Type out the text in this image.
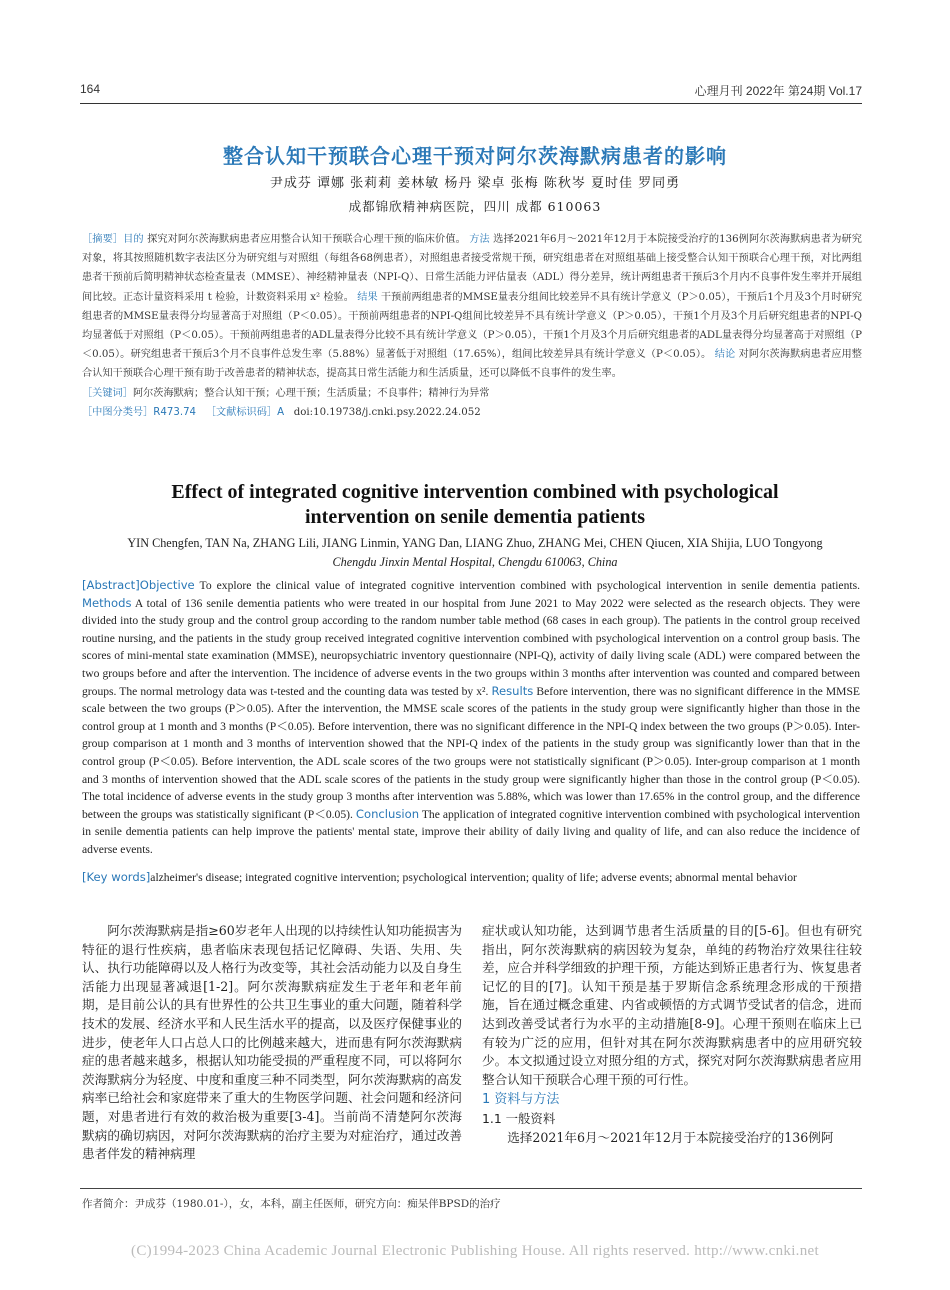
164	心理月刊 2022年 第24期 Vol.17
整合认知干预联合心理干预对阿尔茨海默病患者的影响
尹成芬 谭娜 张莉莉 姜林敏 杨丹 梁卓 张梅 陈秋岑 夏时佳 罗同勇
成都锦欣精神病医院，四川 成都 610063
［摘要］目的 探究对阿尔茨海默病患者应用整合认知干预联合心理干预的临床价值。 方法 选择2021年6月～2021年12月于本院接受治疗的136例阿尔茨海默病患者为研究对象，将其按照随机数字表法区分为研究组与对照组（每组各68例患者），对照组患者接受常规干预，研究组患者在对照组基础上接受整合认知干预联合心理干预，对比两组患者干预前后简明精神状态检查量表（MMSE）、神经精神量表（NPI-Q）、日常生活能力评估量表（ADL）得分差异，统计两组患者干预后3个月内不良事件发生率并开展组间比较。正态计量资料采用 t 检验，计数资料采用 x² 检验。 结果 干预前两组患者的MMSE量表分组间比较差异不具有统计学意义（P＞0.05），干预后1个月及3个月时研究组患者的MMSE量表得分均显著高于对照组（P＜0.05）。干预前两组患者的NPI-Q组间比较差异不具有统计学意义（P＞0.05），干预1个月及3个月后研究组患者的NPI-Q均显著低于对照组（P＜0.05）。干预前两组患者的ADL量表得分比较不具有统计学意义（P＞0.05），干预1个月及3个月后研究组患者的ADL量表得分均显著高于对照组（P＜0.05）。研究组患者干预后3个月不良事件总发生率（5.88%）显著低于对照组（17.65%），组间比较差异具有统计学意义（P＜0.05）。 结论 对阿尔茨海默病患者应用整合认知干预联合心理干预有助于改善患者的精神状态，提高其日常生活能力和生活质量，还可以降低不良事件的发生率。
［关键词］阿尔茨海默病；整合认知干预；心理干预；生活质量；不良事件；精神行为异常
［中图分类号］R473.74 ［文献标识码］A doi:10.19738/j.cnki.psy.2022.24.052
Effect of integrated cognitive intervention combined with psychological
intervention on senile dementia patients
YIN Chengfen, TAN Na, ZHANG Lili, JIANG Linmin, YANG Dan, LIANG Zhuo, ZHANG Mei, CHEN Qiucen, XIA Shijia, LUO Tongyong
Chengdu Jinxin Mental Hospital, Chengdu 610063, China
[Abstract]Objective To explore the clinical value of integrated cognitive intervention combined with psychological intervention in senile dementia patients. Methods A total of 136 senile dementia patients who were treated in our hospital from June 2021 to May 2022 were selected as the research objects. They were divided into the study group and the control group according to the random number table method (68 cases in each group). The patients in the control group received routine nursing, and the patients in the study group received integrated cognitive intervention combined with psychological intervention on a control group basis. The scores of mini-mental state examination (MMSE), neuropsychiatric inventory questionnaire (NPI-Q), activity of daily living scale (ADL) were compared between the two groups before and after the intervention. The incidence of adverse events in the two groups within 3 months after intervention was counted and compared between groups. The normal metrology data was t-tested and the counting data was tested by x². Results Before intervention, there was no significant difference in the MMSE scale between the two groups (P＞0.05). After the intervention, the MMSE scale scores of the patients in the study group were significantly higher than those in the control group at 1 month and 3 months (P＜0.05). Before intervention, there was no significant difference in the NPI-Q index between the two groups (P＞0.05). Inter-group comparison at 1 month and 3 months of intervention showed that the NPI-Q index of the patients in the study group was significantly lower than that in the control group (P＜0.05). Before intervention, the ADL scale scores of the two groups were not statistically significant (P＞0.05). Inter-group comparison at 1 month and 3 months of intervention showed that the ADL scale scores of the patients in the study group were significantly higher than those in the control group (P＜0.05). The total incidence of adverse events in the study group 3 months after intervention was 5.88%, which was lower than 17.65% in the control group, and the difference between the groups was statistically significant (P＜0.05). Conclusion The application of integrated cognitive intervention combined with psychological intervention in senile dementia patients can help improve the patients' mental state, improve their ability of daily living and quality of life, and can also reduce the incidence of adverse events.
[Key words]alzheimer's disease; integrated cognitive intervention; psychological intervention; quality of life; adverse events; abnormal mental behavior

阿尔茨海默病是指≥60岁老年人出现的以持续性认知功能损害为特征的退行性疾病，患者临床表现包括记忆障碍、失语、失用、失认、执行功能障碍以及人格行为改变等，其社会活动能力以及自身生活能力出现显著减退[1-2]。阿尔茨海默病症发生于老年和老年前期，是目前公认的具有世界性的公共卫生事业的重大问题，随着科学技术的发展、经济水平和人民生活水平的提高，以及医疗保健事业的进步，使老年人口占总人口的比例越来越大，进而患有阿尔茨海默病症的患者越来越多，根据认知功能受损的严重程度不同，可以将阿尔茨海默病分为轻度、中度和重度三种不同类型，阿尔茨海默病的高发病率已给社会和家庭带来了重大的生物医学问题、社会问题和经济问题，对患者进行有效的救治极为重要[3-4]。当前尚不清楚阿尔茨海默病的确切病因，对阿尔茨海默病的治疗主要为对症治疗，通过改善患者伴发的精神病理

症状或认知功能，达到调节患者生活质量的目的[5-6]。但也有研究指出，阿尔茨海默病的病因较为复杂，单纯的药物治疗效果往往较差，应合并科学细致的护理干预，方能达到矫正患者行为、恢复患者记忆的目的[7]。认知干预是基于罗斯信念系统理念形成的干预措施，旨在通过概念重建、内省或顿悟的方式调节受试者的信念，进而达到改善受试者行为水平的主动措施[8-9]。心理干预则在临床上已有较为广泛的应用，但针对其在阿尔茨海默病患者中的应用研究较少。本文拟通过设立对照分组的方式，探究对阿尔茨海默病患者应用整合认知干预联合心理干预的可行性。

1 资料与方法
1.1 一般资料

选择2021年6月～2021年12月于本院接受治疗的136例阿

作者简介：尹成芬（1980.01-），女，本科，副主任医师，研究方向：痴呆伴BPSD的治疗
(C)1994-2023 China Academic Journal Electronic Publishing House. All rights reserved. http://www.cnki.net
